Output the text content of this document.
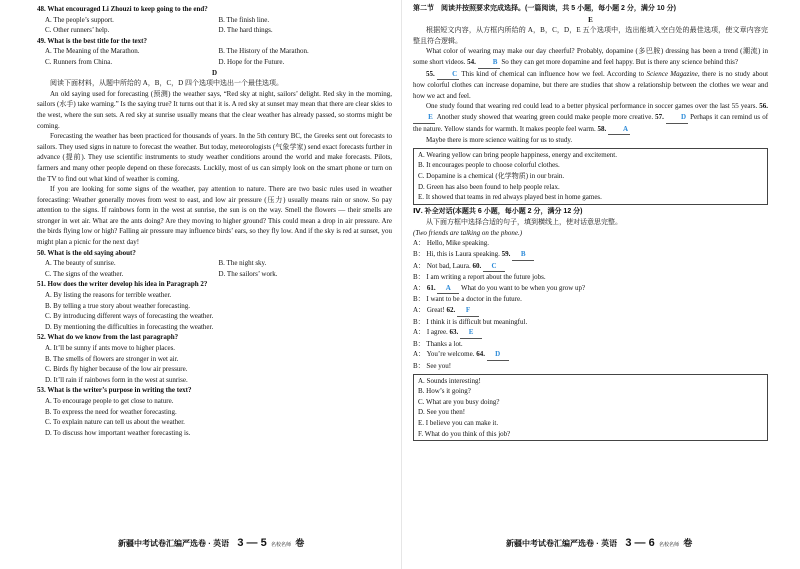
48. What encouraged Li Zhouzi to keep going to the end?
A. The people’s support.	B. The finish line.
C. Other runners’ help.	D. The hard things.
49. What is the best title for the text?
A. The Meaning of the Marathon.	B. The History of the Marathon.
C. Runners from China.	D. Hope for the Future.
D
阅读下面材料，从题中所给的 A，B，C，D 四个选项中选出一个最佳选项。
An old saying used for forecasting (预测) the weather says, “Red sky at night, sailors’ delight. Red sky in the morning, sailors (水手) take warning.” Is the saying true? It turns out that it is. A red sky at sunset may mean that there are clear skies to the west, where the sun sets. A red sky at sunrise usually means that the clear weather has already passed, so storms might be coming.
Forecasting the weather has been practiced for thousands of years. In the 5th century BC, the Greeks sent out forecasts to sailors. They used signs in nature to forecast the weather. But today, meteorologists (气象学家) send exact forecasts further in advance (提前). They use scientific instruments to study weather conditions around the world and make forecasts. Pilots, farmers and many other people depend on these forecasts. Luckily, most of us can simply look on the smart phone or turn on the TV to find out what kind of weather is coming.
If you are looking for some signs of the weather, pay attention to nature. There are two basic rules used in weather forecasting: Weather generally moves from west to east, and low air pressure (压力) usually means rain or snow. So pay attention to the signs. If rainbows form in the west at sunrise, the sun is on the way. Smell the flowers — their smells are stronger in wet air. What are the ants doing? Are they moving to higher ground? This could mean a drop in air pressure. Are the birds flying low or high? Falling air pressure may influence birds’ ears, so they fly low. And if the sky is red at sunset, you might plan a picnic for the next day!
50. What is the old saying about?
A. The beauty of sunrise.	B. The night sky.
C. The signs of the weather.	D. The sailors’ work.
51. How does the writer develop his idea in Paragraph 2?
A. By listing the reasons for terrible weather.
B. By telling a true story about weather forecasting.
C. By introducing different ways of forecasting the weather.
D. By mentioning the difficulties in forecasting the weather.
52. What do we know from the last paragraph?
A. It’ll be sunny if ants move to higher places.
B. The smells of flowers are stronger in wet air.
C. Birds fly higher because of the low air pressure.
D. It’ll rain if rainbows form in the west at sunrise.
53. What is the writer’s purpose in writing the text?
A. To encourage people to get close to nature.
B. To express the need for weather forecasting.
C. To explain nature can tell us about the weather.
D. To discuss how important weather forecasting is.
新疆中考试卷汇编严选卷 · 英语 3 — 5 名校名师 卷
第二节　阅读并按照要求完成选择。(一篇阅读，共 5 小题，每小题 2 分，满分 10 分)
E
根据短文内容，从方框内所给的 A，B，C，D，E 五个选项中，选出能填入空白处的最佳选项，使文章内容完整且符合逻辑。
What color of wearing may make our day cheerful? Probably, dopamine (多巴胺) dressing has been a trend (潮流) in some short videos. 54. B So they can get more dopamine and feel happy. But is there any science behind this?
55. C This kind of chemical can influence how we feel. According to Science Magazine, there is no study about how colorful clothes can increase dopamine, but there are studies that show a relationship between the clothes we wear and how we act and feel.
One study found that wearing red could lead to a better physical performance in soccer games over the last 55 years. 56. E Another study showed that wearing green could make people more creative. 57. D Perhaps it can remind us of the nature. Yellow stands for warmth. It makes people feel warm. 58. A
Maybe there is more science waiting for us to study.
A. Wearing yellow can bring people happiness, energy and excitement.
B. It encourages people to choose colorful clothes.
C. Dopamine is a chemical (化学物质) in our brain.
D. Green has also been found to help people relax.
E. It showed that teams in red always played best in home games.
Ⅳ. 补全对话(本题共 6 小题，每小题 2 分，满分 12 分)
从下面方框中选择合适的句子，填到横线上，使对话意思完整。
(Two friends are talking on the phone.)
A： Hello, Mike speaking.
B： Hi, this is Laura speaking. 59. B
A： Not bad, Laura. 60. C
B： I am writing a report about the future jobs.
A： 61. A What do you want to be when you grow up?
B： I want to be a doctor in the future.
A： Great! 62. F
B： I think it is difficult but meaningful.
A： I agree. 63. E
B： Thanks a lot.
A： You’re welcome. 64. D
B： See you!
A. Sounds interesting!
B. How’s it going?
C. What are you busy doing?
D. See you then!
E. I believe you can make it.
F. What do you think of this job?
新疆中考试卷汇编严选卷 · 英语 3 — 6 名校名师 卷
